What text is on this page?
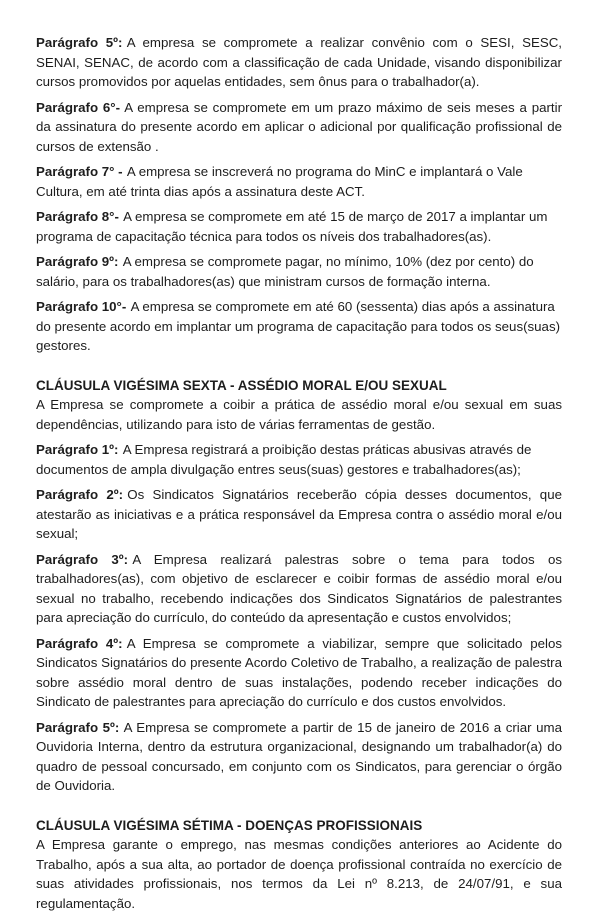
Parágrafo 5º: A empresa se compromete a realizar convênio com o SESI, SESC, SENAI, SENAC, de acordo com a classificação de cada Unidade, visando disponibilizar cursos promovidos por aquelas entidades, sem ônus para o trabalhador(a).

Parágrafo 6°- A empresa se compromete em um prazo máximo de seis meses a partir da assinatura do presente acordo em aplicar o adicional por qualificação profissional de cursos de extensão .

Parágrafo 7° - A empresa se inscreverá no programa do MinC e implantará o Vale Cultura, em até trinta dias após a assinatura deste ACT.

Parágrafo 8°- A empresa se compromete em até 15 de março de 2017 a implantar um programa de capacitação técnica para todos os níveis dos trabalhadores(as).

Parágrafo 9º: A empresa se compromete pagar, no mínimo, 10% (dez por cento) do salário, para os trabalhadores(as) que ministram cursos de formação interna.

Parágrafo 10°- A empresa se compromete em até 60 (sessenta) dias após a assinatura do presente acordo em implantar um programa de capacitação para todos os seus(suas) gestores.

CLÁUSULA VIGÉSIMA SEXTA - ASSÉDIO MORAL E/OU SEXUAL

A Empresa se compromete a coibir a prática de assédio moral e/ou sexual em suas dependências, utilizando para isto de várias ferramentas de gestão.

Parágrafo 1º: A Empresa registrará a proibição destas práticas abusivas através de documentos de ampla divulgação entres seus(suas) gestores e trabalhadores(as);

Parágrafo 2º: Os Sindicatos Signatários receberão cópia desses documentos, que atestarão as iniciativas e a prática responsável da Empresa contra o assédio moral e/ou sexual;

Parágrafo 3º: A Empresa realizará palestras sobre o tema para todos os trabalhadores(as), com objetivo de esclarecer e coibir formas de assédio moral e/ou sexual no trabalho, recebendo indicações dos Sindicatos Signatários de palestrantes para apreciação do currículo, do conteúdo da apresentação e custos envolvidos;

Parágrafo 4º: A Empresa se compromete a viabilizar, sempre que solicitado pelos Sindicatos Signatários do presente Acordo Coletivo de Trabalho, a realização de palestra sobre assédio moral dentro de suas instalações, podendo receber indicações do Sindicato de palestrantes para apreciação do currículo e dos custos envolvidos.

Parágrafo 5º: A Empresa se compromete a partir de 15 de janeiro de 2016 a criar uma Ouvidoria Interna, dentro da estrutura organizacional, designando um trabalhador(a) do quadro de pessoal concursado, em conjunto com os Sindicatos, para gerenciar o órgão de Ouvidoria.

CLÁUSULA VIGÉSIMA SÉTIMA - DOENÇAS PROFISSIONAIS

A Empresa garante o emprego, nas mesmas condições anteriores ao Acidente do Trabalho, após a sua alta, ao portador de doença profissional contraída no exercício de suas atividades profissionais, nos termos da Lei nº 8.213, de 24/07/91, e sua regulamentação.
